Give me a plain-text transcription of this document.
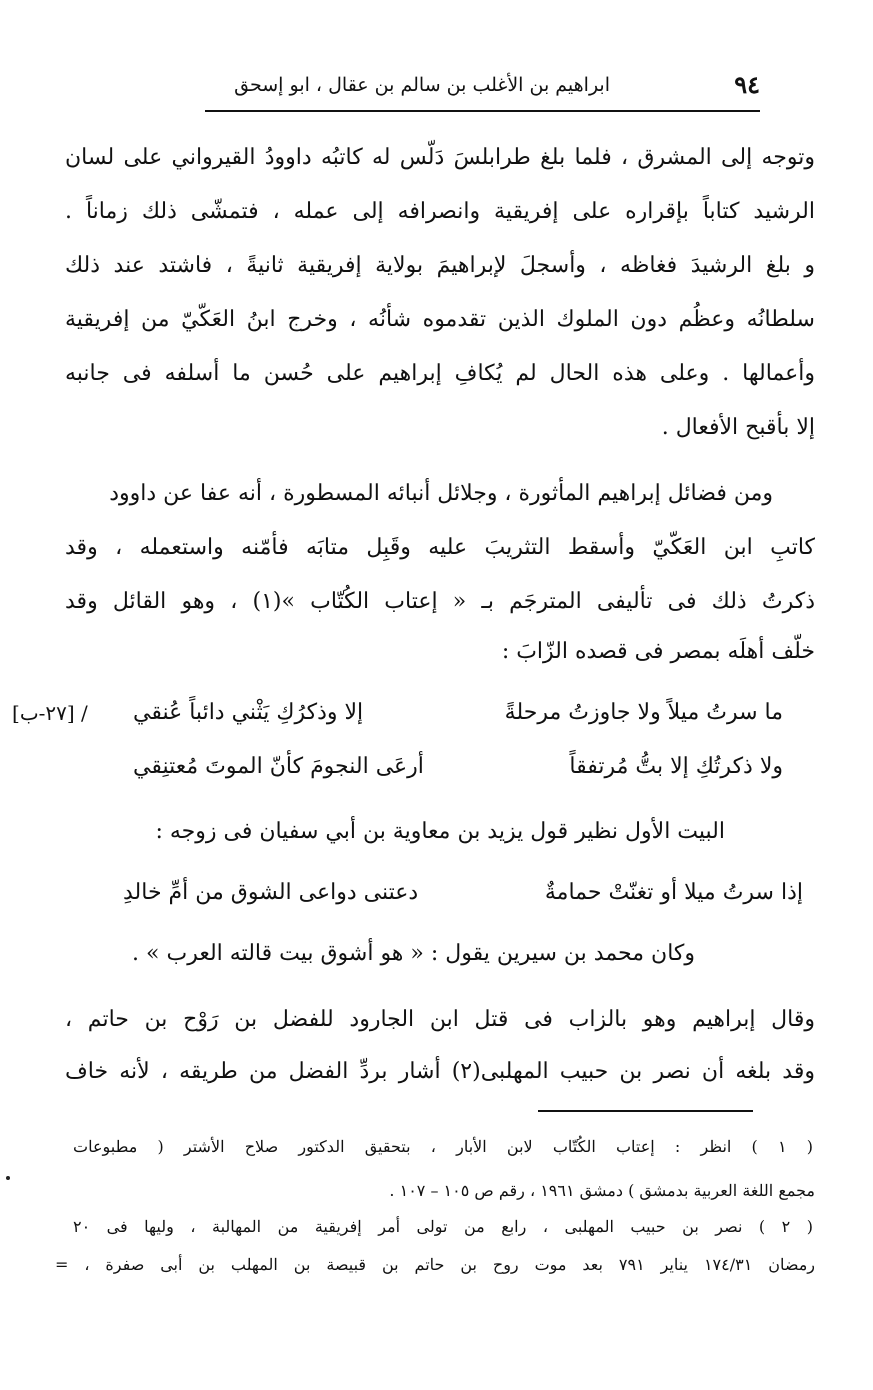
٩٤
ابراهيم بن الأغلب بن سالم بن عقال ، ابو إسحق
وتوجه إلى المشرق ، فلما بلغ طرابلسَ دَلّس له كاتبُه داوودُ القيرواني على لسان
الرشيد كتاباً بإقراره على إفريقية وانصرافه إلى عمله ، فتمشّى ذلك زماناً .
و بلغ الرشيدَ فغاظه ، وأسجلَ لإبراهيمَ بولاية إفريقية ثانيةً ، فاشتد عند ذلك
سلطانُه وعظُم دون الملوك الذين تقدموه شأنُه ، وخرج ابنُ العَكّيّ من إفريقية
وأعمالها . وعلى هذه الحال لم يُكافِ إبراهيم على حُسن ما أسلفه فى جانبه
إلا بأقبح الأفعال .
ومن فضائل إبراهيم المأثورة ، وجلائل أنبائه المسطورة ، أنه عفا عن داوود
كاتبِ ابن العَكّيّ وأسقط التثريبَ عليه وقَبِل متابَه فأمّنه واستعمله ، وقد
ذكرتُ ذلك فى تأليفى المترجَم بـ « إعتاب الكُتّاب »(١) ، وهو القائل وقد
خلّف أهلَه بمصر فى قصده الزّابَ :
[٢٧-ب] /	ما سرتُ ميلاً ولا جاوزتُ مرحلةً
إلا وذكرُكِ يَثْني دائباً عُنقي
ولا ذكرتُكِ إلا بتُّ مُرتفقاً
أرعَى النجومَ كأنّ الموتَ مُعتنِقي
البيت الأول نظير قول يزيد بن معاوية بن أبي سفيان فى زوجه :
إذا سرتُ ميلا أو تغنّتْ حمامةٌ
دعتنى دواعى الشوق من أمِّ خالدِ
وكان محمد بن سيرين يقول : « هو أشوق بيت قالته العرب » .
وقال إبراهيم وهو بالزاب فى قتل ابن الجارود للفضل بن رَوْح بن حاتم ،
وقد بلغه أن نصر بن حبيب المهلبى(٢) أشار بردِّ الفضل من طريقه ، لأنه خاف
( ١ ) انظر : إعتاب الكُتّاب لابن الأبار ، بتحقيق الدكتور صلاح الأشتر ( مطبوعات
مجمع اللغة العربية بدمشق ) دمشق ١٩٦١ ، رقم ص ١٠٥ – ١٠٧ .
( ٢ ) نصر بن حبيب المهلبى ، رابع من تولى أمر إفريقية من المهالبة ، وليها فى ٢٠
رمضان ١٧٤/٣١ يناير ٧٩١ بعد موت روح بن حاتم بن قبيصة بن المهلب بن أبى صفرة ، =
